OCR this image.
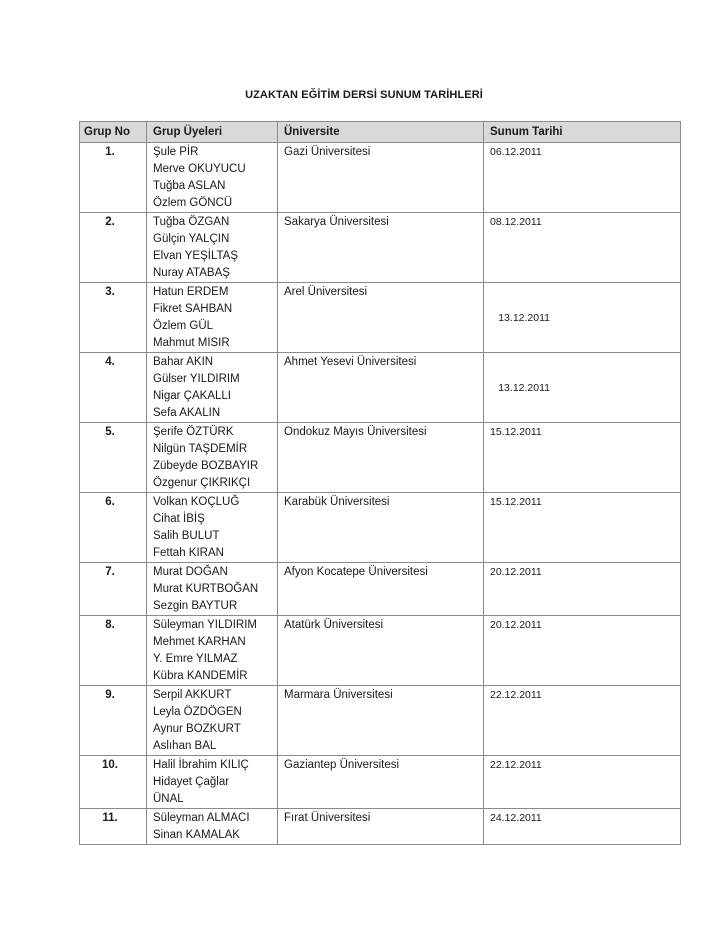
UZAKTAN EĞİTİM DERSİ SUNUM TARİHLERİ
Grup No	Grup Üyeleri	Üniversite	Sunum Tarihi
1.	Şule PİR
Merve OKUYUCU
Tuğba ASLAN
Özlem GÖNCÜ	Gazi Üniversitesi	06.12.2011
2.	Tuğba ÖZGAN
Gülçin YALÇIN
Elvan YEŞİLTAŞ
Nuray ATABAŞ	Sakarya Üniversitesi	08.12.2011
3.	Hatun ERDEM
Fikret SAHBAN
Özlem GÜL
Mahmut MISIR	Arel Üniversitesi	13.12.2011

4.	Bahar AKIN
Gülser YILDIRIM
Nigar ÇAKALLI
Sefa AKALIN	Ahmet Yesevi Üniversitesi	13.12.2011

5.	Şerife ÖZTÜRK
Nilgün TAŞDEMİR
Zübeyde BOZBAYIR
Özgenur ÇIKRIKÇI	Ondokuz Mayıs Üniversitesi	15.12.2011
6.	Volkan KOÇLUĞ
Cihat İBİŞ
Salih BULUT
Fettah KIRAN	Karabük Üniversitesi	15.12.2011
7.	Murat DOĞAN
Murat KURTBOĞAN
Sezgin BAYTUR	Afyon Kocatepe Üniversitesi	20.12.2011
8.	Süleyman YILDIRIM
Mehmet KARHAN
Y. Emre YILMAZ
Kübra KANDEMİR	Atatürk Üniversitesi	20.12.2011
9.	Serpil AKKURT
Leyla ÖZDÖGEN
Aynur BOZKURT
Aslıhan BAL	Marmara Üniversitesi	22.12.2011
10.	Halil İbrahim KILIÇ
Hidayet Çağlar
ÜNAL	Gaziantep Üniversitesi	22.12.2011
11.	Süleyman ALMACI
Sinan KAMALAK	Fırat Üniversitesi	24.12.2011
